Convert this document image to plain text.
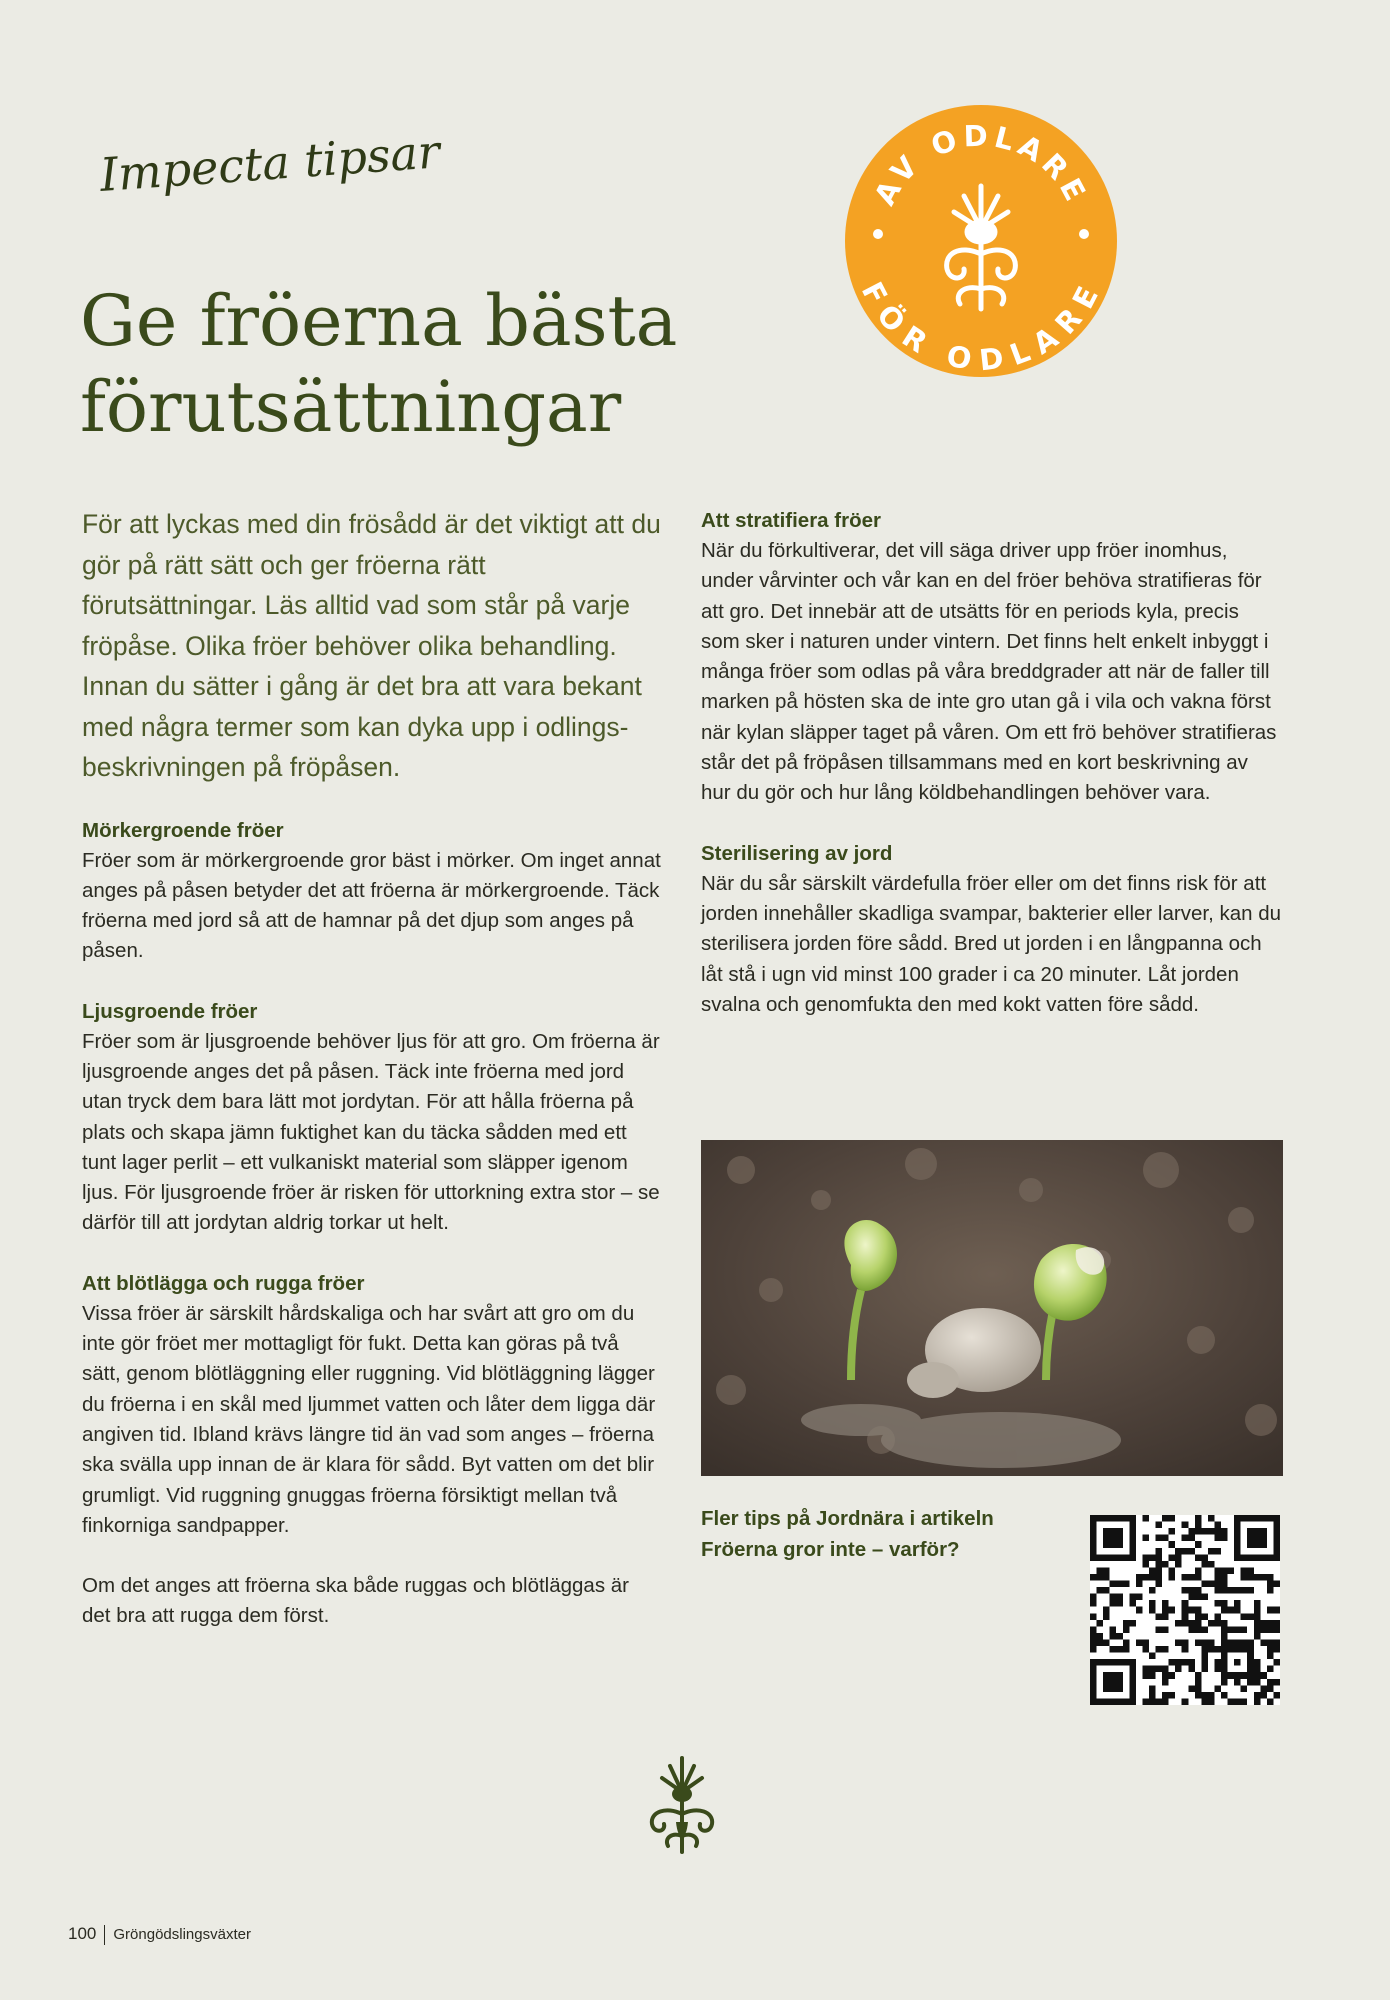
Impecta tipsar
Ge fröerna bästa
förutsättningar
AV ODLARE
FÖR ODLARE

För att lyckas med din frösådd är det viktigt att du gör på rätt sätt och ger fröerna rätt förutsättningar. Läs alltid vad som står på varje fröpåse. Olika fröer behöver olika behandling. Innan du sätter i gång är det bra att vara bekant med några termer som kan dyka upp i odlingsbeskrivningen på fröpåsen.

Mörkergroende fröer

Fröer som är mörkergroende gror bäst i mörker. Om inget annat anges på påsen betyder det att fröerna är mörkergroende. Täck fröerna med jord så att de hamnar på det djup som anges på påsen.

Ljusgroende fröer

Fröer som är ljusgroende behöver ljus för att gro. Om fröerna är ljusgroende anges det på påsen. Täck inte fröerna med jord utan tryck dem bara lätt mot jordytan. För att hålla fröerna på plats och skapa jämn fuktighet kan du täcka sådden med ett tunt lager perlit – ett vulkaniskt material som släpper igenom ljus. För ljusgroende fröer är risken för uttorkning extra stor – se därför till att jordytan aldrig torkar ut helt.

Att blötlägga och rugga fröer

Vissa fröer är särskilt hårdskaliga och har svårt att gro om du inte gör fröet mer mottagligt för fukt. Detta kan göras på två sätt, genom blötläggning eller ruggning. Vid blötläggning lägger du fröerna i en skål med ljummet vatten och låter dem ligga där angiven tid. Ibland krävs längre tid än vad som anges – fröerna ska svälla upp innan de är klara för sådd. Byt vatten om det blir grumligt. Vid ruggning gnuggas fröerna försiktigt mellan två finkorniga sandpapper.

Om det anges att fröerna ska både ruggas och blötläggas är det bra att rugga dem först.

Att stratifiera fröer

När du förkultiverar, det vill säga driver upp fröer inomhus, under vårvinter och vår kan en del fröer behöva stratifieras för att gro. Det innebär att de utsätts för en periods kyla, precis som sker i naturen under vintern. Det finns helt enkelt inbyggt i många fröer som odlas på våra breddgrader att när de faller till marken på hösten ska de inte gro utan gå i vila och vakna först när kylan släpper taget på våren. Om ett frö behöver stratifieras står det på fröpåsen tillsammans med en kort beskrivning av hur du gör och hur lång köldbehandlingen behöver vara.

Sterilisering av jord

När du sår särskilt värdefulla fröer eller om det finns risk för att jorden innehåller skadliga svampar, bakterier eller larver, kan du sterilisera jorden före sådd. Bred ut jorden i en långpanna och låt stå i ugn vid minst 100 grader i ca 20 minuter. Låt jorden svalna och genomfukta den med kokt vatten före sådd.

Fler tips på Jordnära i artikeln
Fröerna gror inte – varför?
100 Gröngödslingsväxter
